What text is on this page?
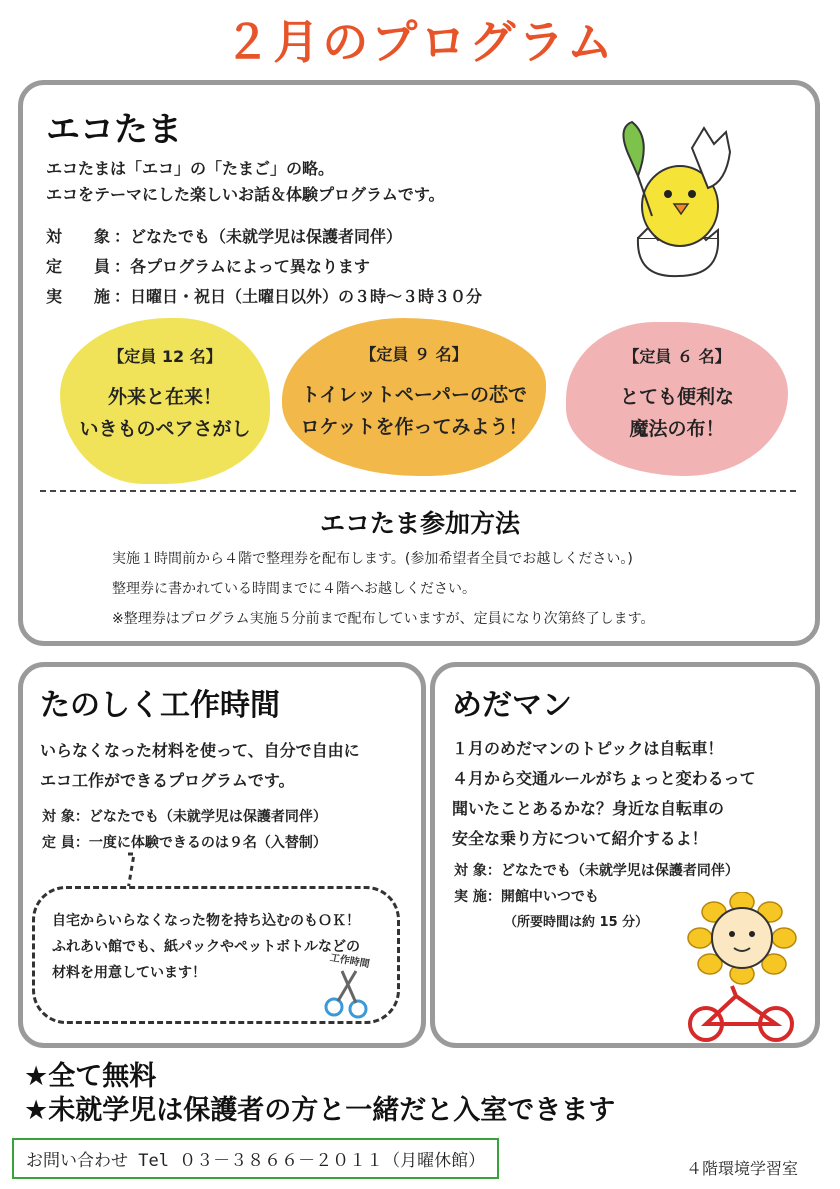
２月のプログラム
エコたま
エコたまは「エコ」の「たまご」の略。
エコをテーマにした楽しいお話＆体験プログラムです。
対　　象 ：どなたでも（未就学児は保護者同伴）
定　　員 ：各プログラムによって異なります
実　　施 ：日曜日・祝日（土曜日以外）の３時～３時３０分
【定員 12 名】
外来と在来！
いきものペアさがし
【定員 ９ 名】
トイレットペーパーの芯で
ロケットを作ってみよう！
【定員 ６ 名】
とても便利な
魔法の布！
エコたま参加方法
実施１時間前から４階で整理券を配布します。(参加希望者全員でお越しください。)
整理券に書かれている時間までに４階へお越しください。
※整理券はプログラム実施５分前まで配布していますが、定員になり次第終了します。
たのしく工作時間
いらなくなった材料を使って、自分で自由に
エコ工作ができるプログラムです。
対 象：どなたでも（未就学児は保護者同伴）
定 員：一度に体験できるのは９名（入替制）
自宅からいらなくなった物を持ち込むのもＯＫ！
ふれあい館でも、紙パックやペットボトルなどの
材料を用意しています！
工作時間
めだマン
１月のめだマンのトピックは自転車！
４月から交通ルールがちょっと変わるって
聞いたことあるかな？身近な自転車の
安全な乗り方について紹介するよ！
対 象：どなたでも（未就学児は保護者同伴）
実 施：開館中いつでも
（所要時間は約 15 分）
★全て無料
★未就学児は保護者の方と一緒だと入室できます
お問い合わせ Tel ０３－３８６６－２０１１（月曜休館）	４階環境学習室
